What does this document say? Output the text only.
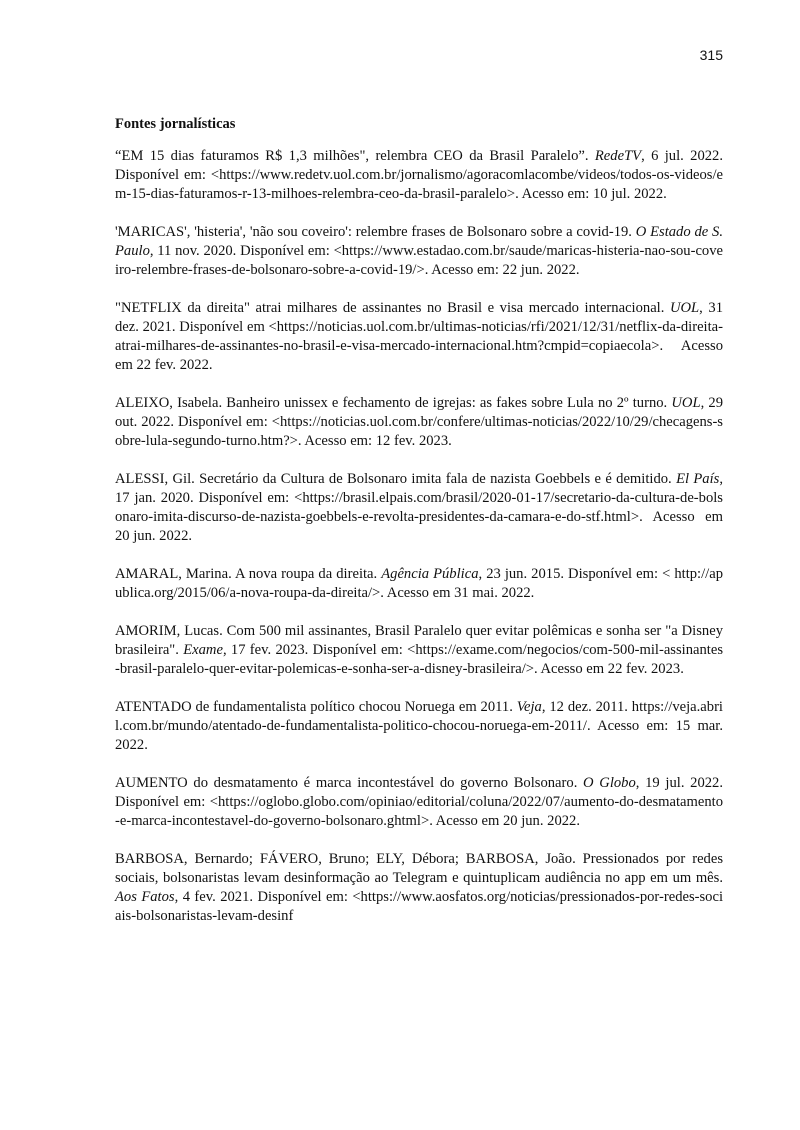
315
Fontes jornalísticas

“EM 15 dias faturamos R$ 1,3 milhões", relembra CEO da Brasil Paralelo”. RedeTV, 6 jul. 2022. Disponível em: <https://www.redetv.uol.com.br/jornalismo/agoracomlacombe/videos/todos-os-videos/em-15-dias-faturamos-r-13-milhoes-relembra-ceo-da-brasil-paralelo>. Acesso em: 10 jul. 2022.

'MARICAS', 'histeria', 'não sou coveiro': relembre frases de Bolsonaro sobre a covid-19. O Estado de S. Paulo, 11 nov. 2020. Disponível em: <https://www.estadao.com.br/saude/maricas-histeria-nao-sou-coveiro-relembre-frases-de-bolsonaro-sobre-a-covid-19/>. Acesso em: 22 jun. 2022.

"NETFLIX da direita" atrai milhares de assinantes no Brasil e visa mercado internacional. UOL, 31 dez. 2021. Disponível em <https://noticias.uol.com.br/ultimas-noticias/rfi/2021/12/31/netflix-da-direita-atrai-milhares-de-assinantes-no-brasil-e-visa-mercado-internacional.htm?cmpid=copiaecola>. Acesso em 22 fev. 2022.

ALEIXO, Isabela. Banheiro unissex e fechamento de igrejas: as fakes sobre Lula no 2º turno. UOL, 29 out. 2022. Disponível em: <https://noticias.uol.com.br/confere/ultimas-noticias/2022/10/29/checagens-sobre-lula-segundo-turno.htm?>. Acesso em: 12 fev. 2023.

ALESSI, Gil. Secretário da Cultura de Bolsonaro imita fala de nazista Goebbels e é demitido. El País, 17 jan. 2020. Disponível em: <https://brasil.elpais.com/brasil/2020-01-17/secretario-da-cultura-de-bolsonaro-imita-discurso-de-nazista-goebbels-e-revolta-presidentes-da-camara-e-do-stf.html>. Acesso em 20 jun. 2022.

AMARAL, Marina. A nova roupa da direita. Agência Pública, 23 jun. 2015. Disponível em: < http://apublica.org/2015/06/a-nova-roupa-da-direita/>. Acesso em 31 mai. 2022.

AMORIM, Lucas. Com 500 mil assinantes, Brasil Paralelo quer evitar polêmicas e sonha ser "a Disney brasileira". Exame, 17 fev. 2023. Disponível em: <https://exame.com/negocios/com-500-mil-assinantes-brasil-paralelo-quer-evitar-polemicas-e-sonha-ser-a-disney-brasileira/>. Acesso em 22 fev. 2023.

ATENTADO de fundamentalista político chocou Noruega em 2011. Veja, 12 dez. 2011. https://veja.abril.com.br/mundo/atentado-de-fundamentalista-politico-chocou-noruega-em-2011/. Acesso em: 15 mar. 2022.

AUMENTO do desmatamento é marca incontestável do governo Bolsonaro. O Globo, 19 jul. 2022. Disponível em: <https://oglobo.globo.com/opiniao/editorial/coluna/2022/07/aumento-do-desmatamento-e-marca-incontestavel-do-governo-bolsonaro.ghtml>. Acesso em 20 jun. 2022.

BARBOSA, Bernardo; FÁVERO, Bruno; ELY, Débora; BARBOSA, João. Pressionados por redes sociais, bolsonaristas levam desinformação ao Telegram e quintuplicam audiência no app em um mês. Aos Fatos, 4 fev. 2021. Disponível em: <https://www.aosfatos.org/noticias/pressionados-por-redes-sociais-bolsonaristas-levam-desinf
